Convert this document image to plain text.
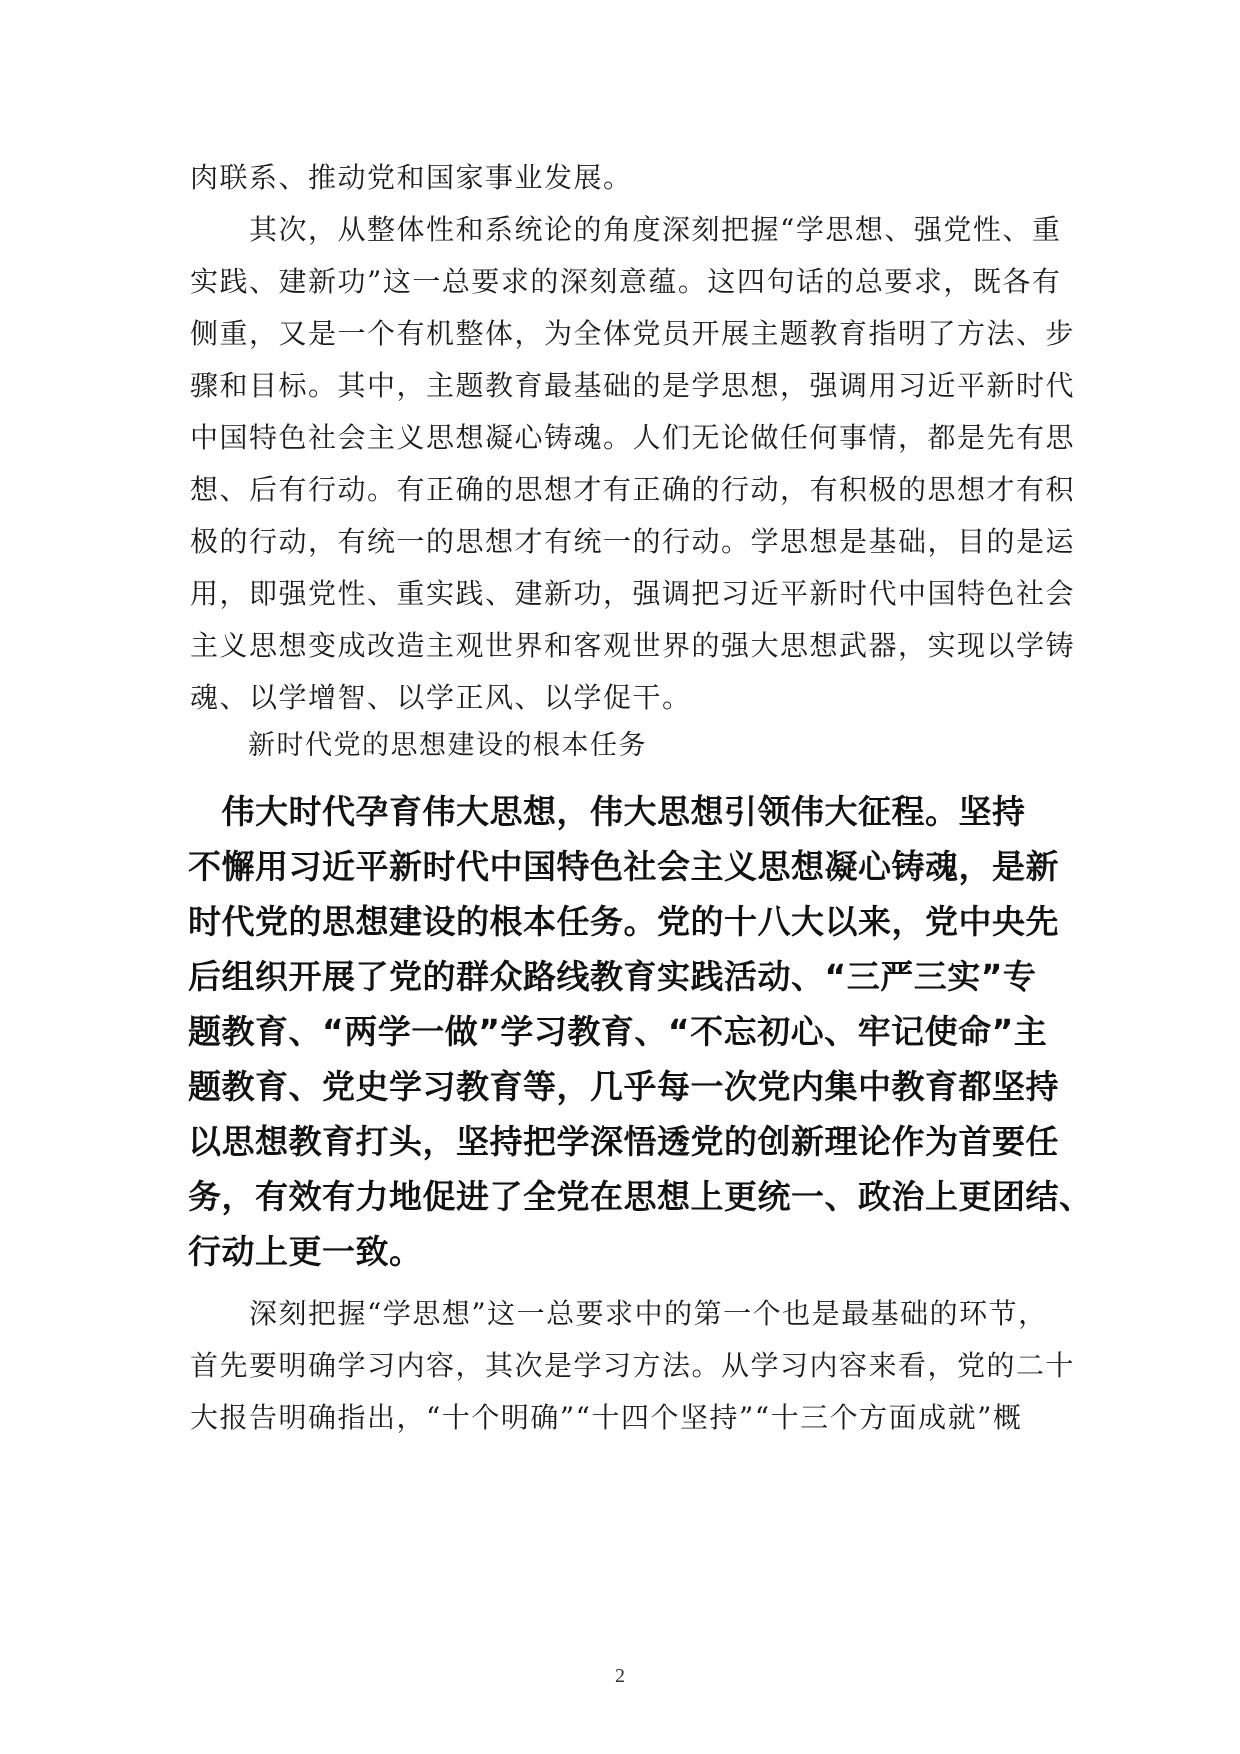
肉联系、推动党和国家事业发展。

　　其次，从整体性和系统论的角度深刻把握“学思想、强党性、重
实践、建新功”这一总要求的深刻意蕴。这四句话的总要求，既各有
侧重，又是一个有机整体，为全体党员开展主题教育指明了方法、步
骤和目标。其中，主题教育最基础的是学思想，强调用习近平新时代
中国特色社会主义思想凝心铸魂。人们无论做任何事情，都是先有思
想、后有行动。有正确的思想才有正确的行动，有积极的思想才有积
极的行动，有统一的思想才有统一的行动。学思想是基础，目的是运
用，即强党性、重实践、建新功，强调把习近平新时代中国特色社会
主义思想变成改造主观世界和客观世界的强大思想武器，实现以学铸
魂、以学增智、以学正风、以学促干。

新时代党的思想建设的根本任务

　伟大时代孕育伟大思想，伟大思想引领伟大征程。坚持
不懈用习近平新时代中国特色社会主义思想凝心铸魂，是新
时代党的思想建设的根本任务。党的十八大以来，党中央先
后组织开展了党的群众路线教育实践活动、“三严三实”专
题教育、“两学一做”学习教育、“不忘初心、牢记使命”主
题教育、党史学习教育等，几乎每一次党内集中教育都坚持
以思想教育打头，坚持把学深悟透党的创新理论作为首要任
务，有效有力地促进了全党在思想上更统一、政治上更团结、
行动上更一致。

　　深刻把握“学思想”这一总要求中的第一个也是最基础的环节，
首先要明确学习内容，其次是学习方法。从学习内容来看，党的二十
大报告明确指出，“十个明确”“十四个坚持”“十三个方面成就”概

2
